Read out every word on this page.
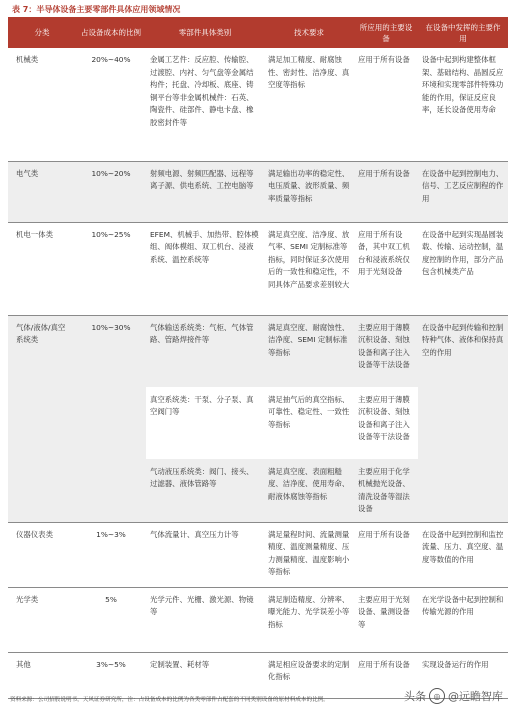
表 7：半导体设备主要零部件具体应用领域情况
分类	占设备成本的比例	零部件具体类别	技术要求	所应用的主要设备	在设备中发挥的主要作用
机械类	20%~40%	金属工艺件：反应腔、传输腔、过渡腔、内衬、匀气盘等金属结构件；托盘、冷却板、底座、铸铜平台等非金属机械件：石英、陶瓷件、硅部件、静电卡盘、橡胶密封件等	满足加工精度、耐腐蚀性、密封性、洁净度、真空度等指标	应用于所有设备	设备中起到构建整体框架、基础结构、晶圆反应环境和实现零部件特殊功能的作用，保证反应良率，延长设备使用寿命
电气类	10%~20%	射频电源、射频匹配器、远程等离子源、供电系统、工控电脑等	满足输出功率的稳定性、电压质量、波形质量、频率质量等指标	应用于所有设备	在设备中起到控制电力、信号、工艺反应制程的作用
机电一体类	10%~25%	EFEM、机械手、加热带、腔体模组、阀体模组、双工机台、浸液系统、温控系统等	满足真空度、洁净度、放气率、SEMI 定制标准等指标，同时保证多次使用后的一致性和稳定性，不同具体产品要求差别较大	应用于所有设备，其中双工机台和浸液系统仅用于光刻设备	在设备中起到实现晶圆装载、传输、运动控制，温度控制的作用，部分产品包含机械类产品
气体/液体/真空系统类	10%~30%	气体输送系统类：气柜、气体管路、管路焊接件等	满足真空度、耐腐蚀性、洁净度、SEMI 定制标准等指标	主要应用于薄膜沉积设备、刻蚀设备和离子注入设备等干法设备	在设备中起到传输和控制特种气体、液体和保持真空的作用
		真空系统类：干泵、分子泵、真空阀门等	满足抽气后的真空指标、可靠性、稳定性、一致性等指标	主要应用于薄膜沉积设备、刻蚀设备和离子注入设备等干法设备	
		气动液压系统类：阀门、接头、过滤器、液体管路等	满足真空度、表面粗糙度、洁净度、使用寿命、耐液体腐蚀等指标	主要应用于化学机械抛光设备、清洗设备等湿法设备	
仪器仪表类	1%~3%	气体流量计、真空压力计等	满足量程时间、流量测量精度、温度测量精度、压力测量精度、温度影响小等指标	应用于所有设备	在设备中起到控制和监控流量、压力、真空度、温度等数值的作用
光学类	5%	光学元件、光栅、激光源、物镜等	满足制造精度、分辨率、曝光能力、光学误差小等指标	主要应用于光刻设备、量测设备等	在光学设备中起到控制和传输光源的作用
其他	3%~5%	定制装置、耗材等	满足相应设备要求的定制化指标	应用于所有设备	实现设备运行的作用
资料来源：公司招股说明书，天风证券研究所，注：占设备成本的比例为各类零部件占配套的不同类别设备的原材料成本的比例。	头条 ◎ @远瞻智库
